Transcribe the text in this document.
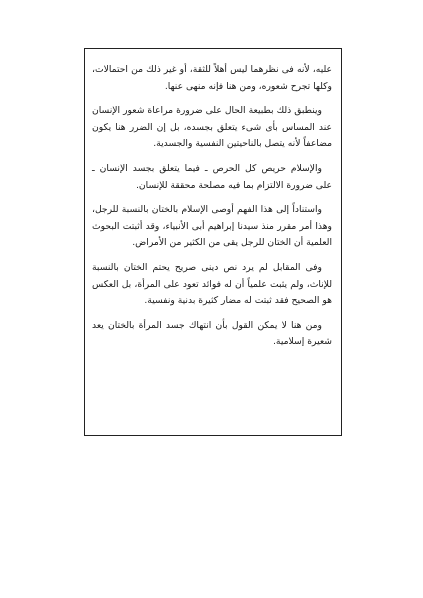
عليه، لأنه فى نظرهما ليس أهلاً للثقة، أو غير ذلك من احتمالات، وكلها تجرح شعوره، ومن هنا فإنه منهى عنها.

وينطبق ذلك بطبيعة الحال على ضرورة مراعاة شعور الإنسان عند المساس بأى شىء يتعلق بجسده، بل إن الضرر هنا يكون مضاعفاً لأنه يتصل بالناحيتين النفسية والجسدية.

والإسلام حريص كل الحرص ـ فيما يتعلق بجسد الإنسان ـ على ضرورة الالتزام بما فيه مصلحة محققة للإنسان.

واستناداً إلى هذا الفهم أوصى الإسلام بالختان بالنسبة للرجل، وهذا أمر مقرر منذ سيدنا إبراهيم أبى الأنبياء، وقد أثبتت البحوث العلمية أن الختان للرجل يقى من الكثير من الأمراض.

وفى المقابل لم يرد نص دينى صريح يحتم الختان بالنسبة للإناث، ولم يثبت علمياً أن له فوائد تعود على المرأة، بل العكس هو الصحيح فقد ثبتت له مضار كثيرة بدنية ونفسية.

ومن هنا لا يمكن القول بأن انتهاك جسد المرأة بالختان يعد شعيرة إسلامية.
